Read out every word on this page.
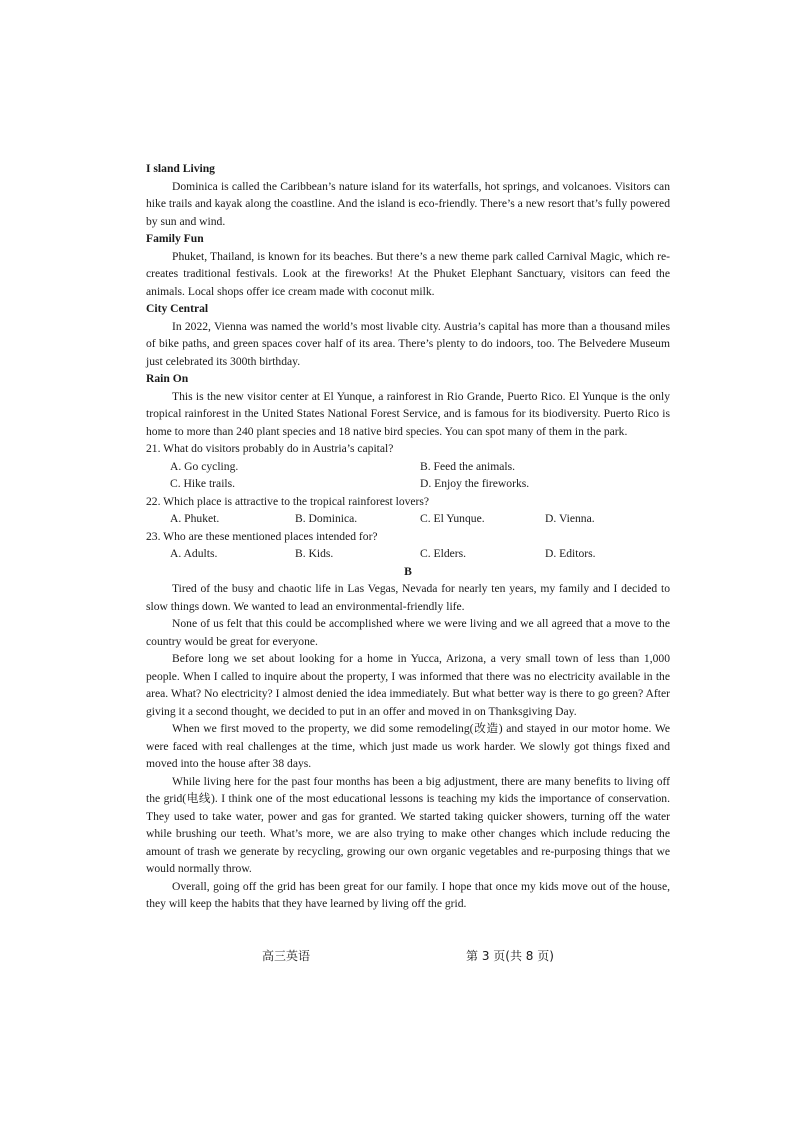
I sland Living

Dominica is called the Caribbean’s nature island for its waterfalls, hot springs, and volcanoes. Visitors can hike trails and kayak along the coastline. And the island is eco-friendly. There’s a new resort that’s fully powered by sun and wind.

Family Fun

Phuket, Thailand, is known for its beaches. But there’s a new theme park called Carnival Magic, which re-creates traditional festivals. Look at the fireworks! At the Phuket Elephant Sanctuary, visitors can feed the animals. Local shops offer ice cream made with coconut milk.

City Central

In 2022, Vienna was named the world’s most livable city. Austria’s capital has more than a thousand miles of bike paths, and green spaces cover half of its area. There’s plenty to do indoors, too. The Belvedere Museum just celebrated its 300th birthday.

Rain On

This is the new visitor center at El Yunque, a rainforest in Rio Grande, Puerto Rico. El Yunque is the only tropical rainforest in the United States National Forest Service, and is famous for its biodiversity. Puerto Rico is home to more than 240 plant species and 18 native bird species. You can spot many of them in the park.

21. What do visitors probably do in Austria’s capital?

A. Go cycling.	B. Feed the animals.
C. Hike trails.	D. Enjoy the fireworks.

22. Which place is attractive to the tropical rainforest lovers?

A. Phuket.	B. Dominica.	C. El Yunque.	D. Vienna.

23. Who are these mentioned places intended for?

A. Adults.	B. Kids.	C. Elders.	D. Editors.

B

Tired of the busy and chaotic life in Las Vegas, Nevada for nearly ten years, my family and I decided to slow things down. We wanted to lead an environmental-friendly life.

None of us felt that this could be accomplished where we were living and we all agreed that a move to the country would be great for everyone.

Before long we set about looking for a home in Yucca, Arizona, a very small town of less than 1,000 people. When I called to inquire about the property, I was informed that there was no electricity available in the area. What? No electricity? I almost denied the idea immediately. But what better way is there to go green? After giving it a second thought, we decided to put in an offer and moved in on Thanksgiving Day.

When we first moved to the property, we did some remodeling(改造) and stayed in our motor home. We were faced with real challenges at the time, which just made us work harder. We slowly got things fixed and moved into the house after 38 days.

While living here for the past four months has been a big adjustment, there are many benefits to living off the grid(电线). I think one of the most educational lessons is teaching my kids the importance of conservation. They used to take water, power and gas for granted. We started taking quicker showers, turning off the water while brushing our teeth. What’s more, we are also trying to make other changes which include reducing the amount of trash we generate by recycling, growing our own organic vegetables and re-purposing things that we would normally throw.

Overall, going off the grid has been great for our family. I hope that once my kids move out of the house, they will keep the habits that they have learned by living off the grid.

高三英语	第 3 页(共 8 页)
